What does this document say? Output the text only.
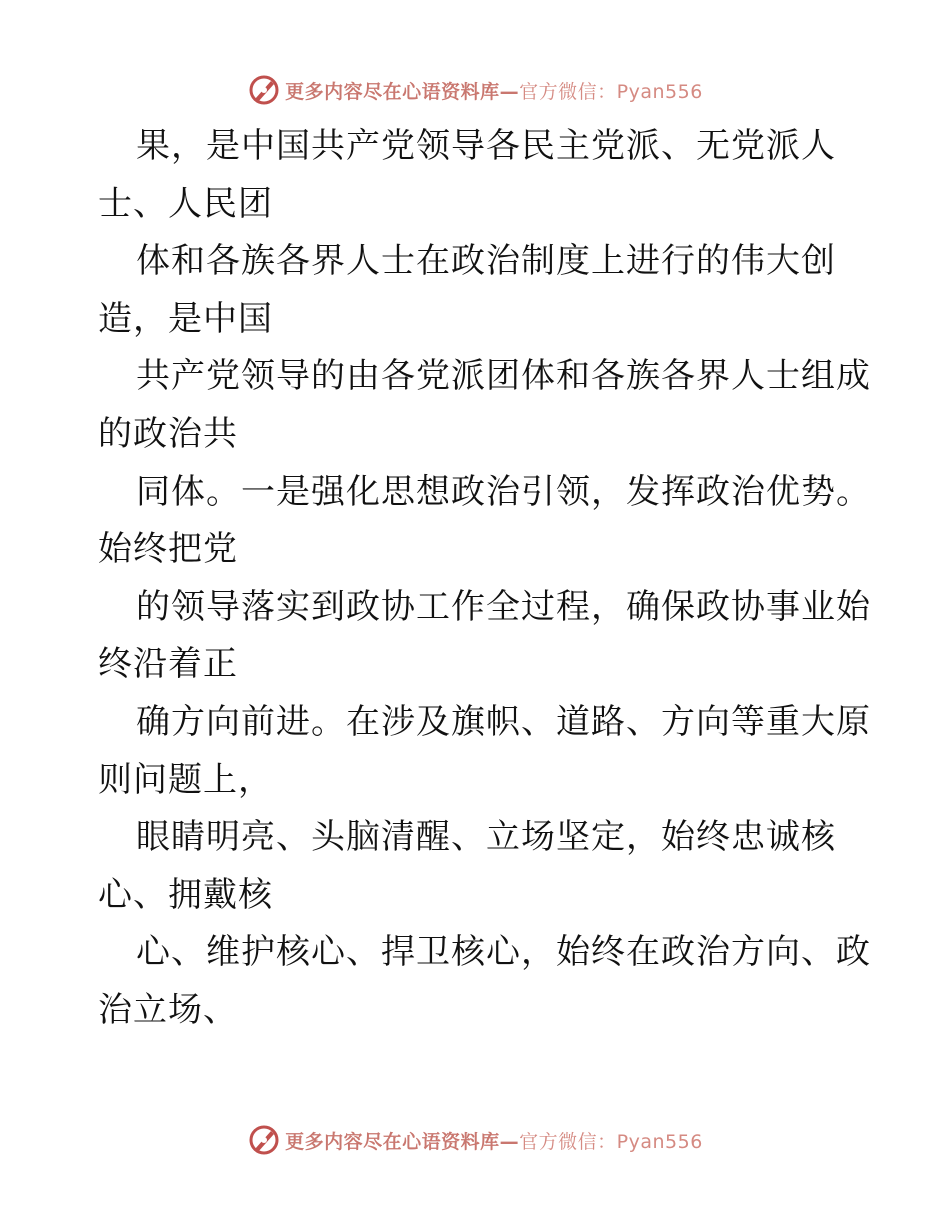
更多内容尽在心语资料库—官方微信：Pyan556
果，是中国共产党领导各民主党派、无党派人
士、人民团
体和各族各界人士在政治制度上进行的伟大创
造，是中国
共产党领导的由各党派团体和各族各界人士组成
的政治共
同体。一是强化思想政治引领，发挥政治优势。
始终把党
的领导落实到政协工作全过程，确保政协事业始
终沿着正
确方向前进。在涉及旗帜、道路、方向等重大原
则问题上，
眼睛明亮、头脑清醒、立场坚定，始终忠诚核
心、拥戴核
心、维护核心、捍卫核心，始终在政治方向、政
治立场、
更多内容尽在心语资料库—官方微信：Pyan556
